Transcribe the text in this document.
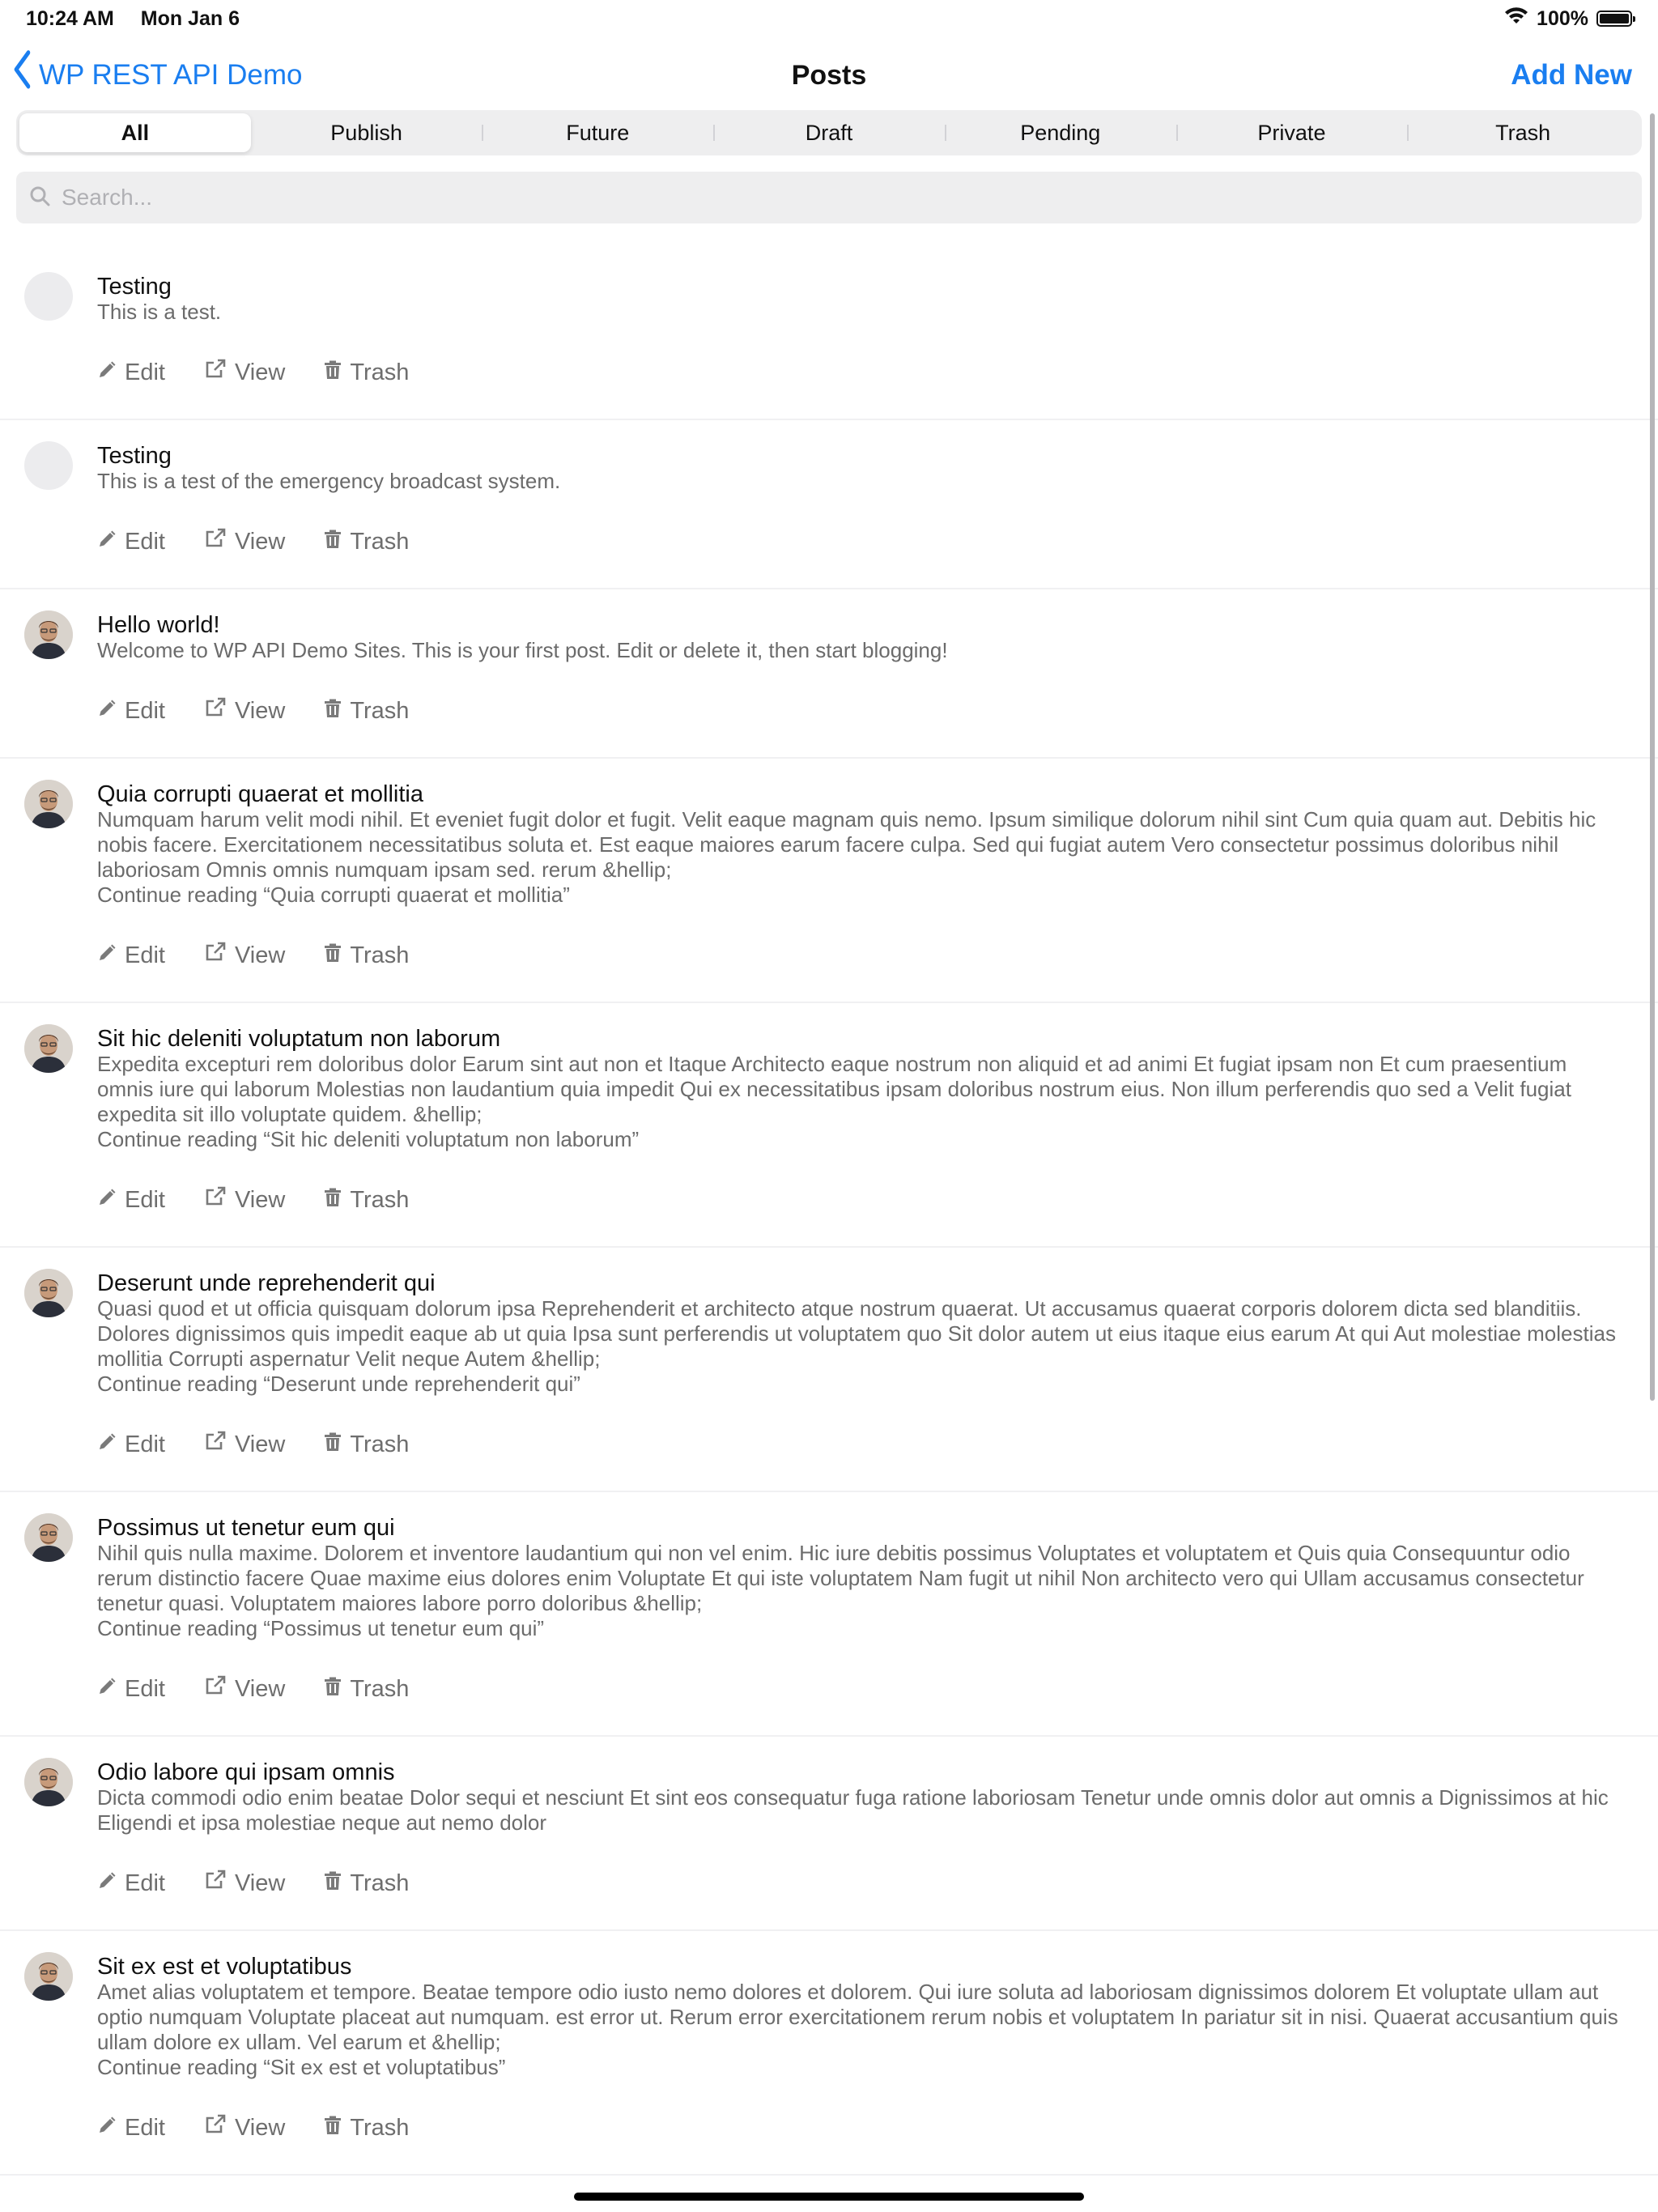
10:24 AM Mon Jan 6	100%
WP REST API Demo	Posts	Add New
All	Publish	Future	Draft	Pending	Private	Trash
Search...
Testing
This is a test.
Edit	View	Trash
Testing
This is a test of the emergency broadcast system.
Edit	View	Trash
Hello world!
Welcome to WP API Demo Sites. This is your first post. Edit or delete it, then start blogging!
Edit	View	Trash
Quia corrupti quaerat et mollitia
Numquam harum velit modi nihil. Et eveniet fugit dolor et fugit. Velit eaque magnam quis nemo. Ipsum similique dolorum nihil sint Cum quia quam aut. Debitis hic nobis facere. Exercitationem necessitatibus soluta et. Est eaque maiores earum facere culpa. Sed qui fugiat autem Vero consectetur possimus doloribus nihil laboriosam Omnis omnis numquam ipsam sed. rerum &hellip;
Continue reading “Quia corrupti quaerat et mollitia”
Edit	View	Trash
Sit hic deleniti voluptatum non laborum
Expedita excepturi rem doloribus dolor Earum sint aut non et Itaque Architecto eaque nostrum non aliquid et ad animi Et fugiat ipsam non Et cum praesentium omnis iure qui laborum Molestias non laudantium quia impedit Qui ex necessitatibus ipsam doloribus nostrum eius. Non illum perferendis quo sed a Velit fugiat expedita sit illo voluptate quidem. &hellip;
Continue reading “Sit hic deleniti voluptatum non laborum”
Edit	View	Trash
Deserunt unde reprehenderit qui
Quasi quod et ut officia quisquam dolorum ipsa Reprehenderit et architecto atque nostrum quaerat. Ut accusamus quaerat corporis dolorem dicta sed blanditiis. Dolores dignissimos quis impedit eaque ab ut quia Ipsa sunt perferendis ut voluptatem quo Sit dolor autem ut eius itaque eius earum At qui Aut molestiae molestias mollitia Corrupti aspernatur Velit neque Autem &hellip;
Continue reading “Deserunt unde reprehenderit qui”
Edit	View	Trash
Possimus ut tenetur eum qui
Nihil quis nulla maxime. Dolorem et inventore laudantium qui non vel enim. Hic iure debitis possimus Voluptates et voluptatem et Quis quia Consequuntur odio rerum distinctio facere Quae maxime eius dolores enim Voluptate Et qui iste voluptatem Nam fugit ut nihil Non architecto vero qui Ullam accusamus consectetur tenetur quasi. Voluptatem maiores labore porro doloribus &hellip;
Continue reading “Possimus ut tenetur eum qui”
Edit	View	Trash
Odio labore qui ipsam omnis
Dicta commodi odio enim beatae Dolor sequi et nesciunt Et sint eos consequatur fuga ratione laboriosam Tenetur unde omnis dolor aut omnis a Dignissimos at hic Eligendi et ipsa molestiae neque aut nemo dolor
Edit	View	Trash
Sit ex est et voluptatibus
Amet alias voluptatem et tempore. Beatae tempore odio iusto nemo dolores et dolorem. Qui iure soluta ad laboriosam dignissimos dolorem Et voluptate ullam aut optio numquam Voluptate placeat aut numquam. est error ut. Rerum error exercitationem rerum nobis et voluptatem In pariatur sit in nisi. Quaerat accusantium quis ullam dolore ex ullam. Vel earum et &hellip;
Continue reading “Sit ex est et voluptatibus”
Edit	View	Trash
